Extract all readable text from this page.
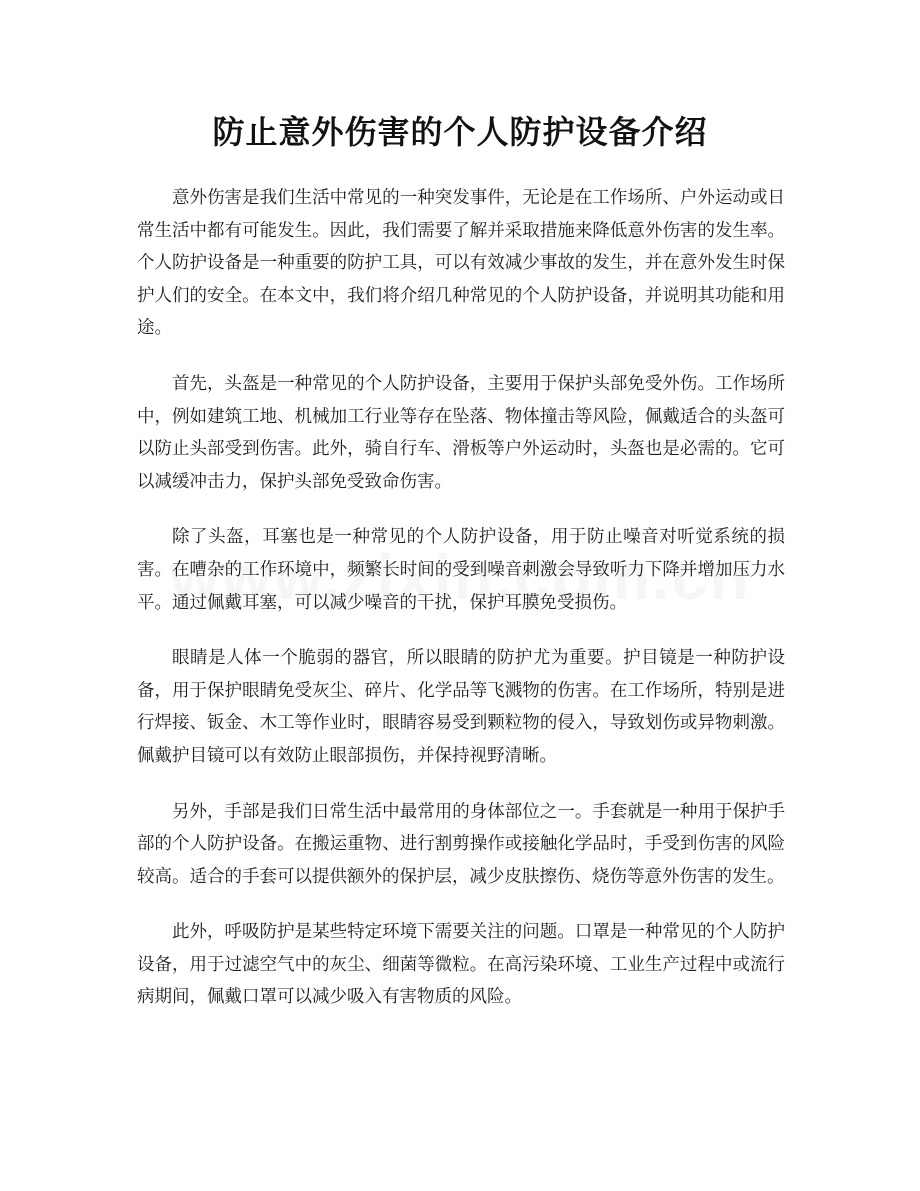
防止意外伤害的个人防护设备介绍

意外伤害是我们生活中常见的一种突发事件，无论是在工作场所、户外运动或日常生活中都有可能发生。因此，我们需要了解并采取措施来降低意外伤害的发生率。个人防护设备是一种重要的防护工具，可以有效减少事故的发生，并在意外发生时保护人们的安全。在本文中，我们将介绍几种常见的个人防护设备，并说明其功能和用途。

首先，头盔是一种常见的个人防护设备，主要用于保护头部免受外伤。工作场所中，例如建筑工地、机械加工行业等存在坠落、物体撞击等风险，佩戴适合的头盔可以防止头部受到伤害。此外，骑自行车、滑板等户外运动时，头盔也是必需的。它可以减缓冲击力，保护头部免受致命伤害。

除了头盔，耳塞也是一种常见的个人防护设备，用于防止噪音对听觉系统的损害。在嘈杂的工作环境中，频繁长时间的受到噪音刺激会导致听力下降并增加压力水平。通过佩戴耳塞，可以减少噪音的干扰，保护耳膜免受损伤。

眼睛是人体一个脆弱的器官，所以眼睛的防护尤为重要。护目镜是一种防护设备，用于保护眼睛免受灰尘、碎片、化学品等飞溅物的伤害。在工作场所，特别是进行焊接、钣金、木工等作业时，眼睛容易受到颗粒物的侵入，导致划伤或异物刺激。佩戴护目镜可以有效防止眼部损伤，并保持视野清晰。

另外，手部是我们日常生活中最常用的身体部位之一。手套就是一种用于保护手部的个人防护设备。在搬运重物、进行割剪操作或接触化学品时，手受到伤害的风险较高。适合的手套可以提供额外的保护层，减少皮肤擦伤、烧伤等意外伤害的发生。

此外，呼吸防护是某些特定环境下需要关注的问题。口罩是一种常见的个人防护设备，用于过滤空气中的灰尘、细菌等微粒。在高污染环境、工业生产过程中或流行病期间，佩戴口罩可以减少吸入有害物质的风险。
